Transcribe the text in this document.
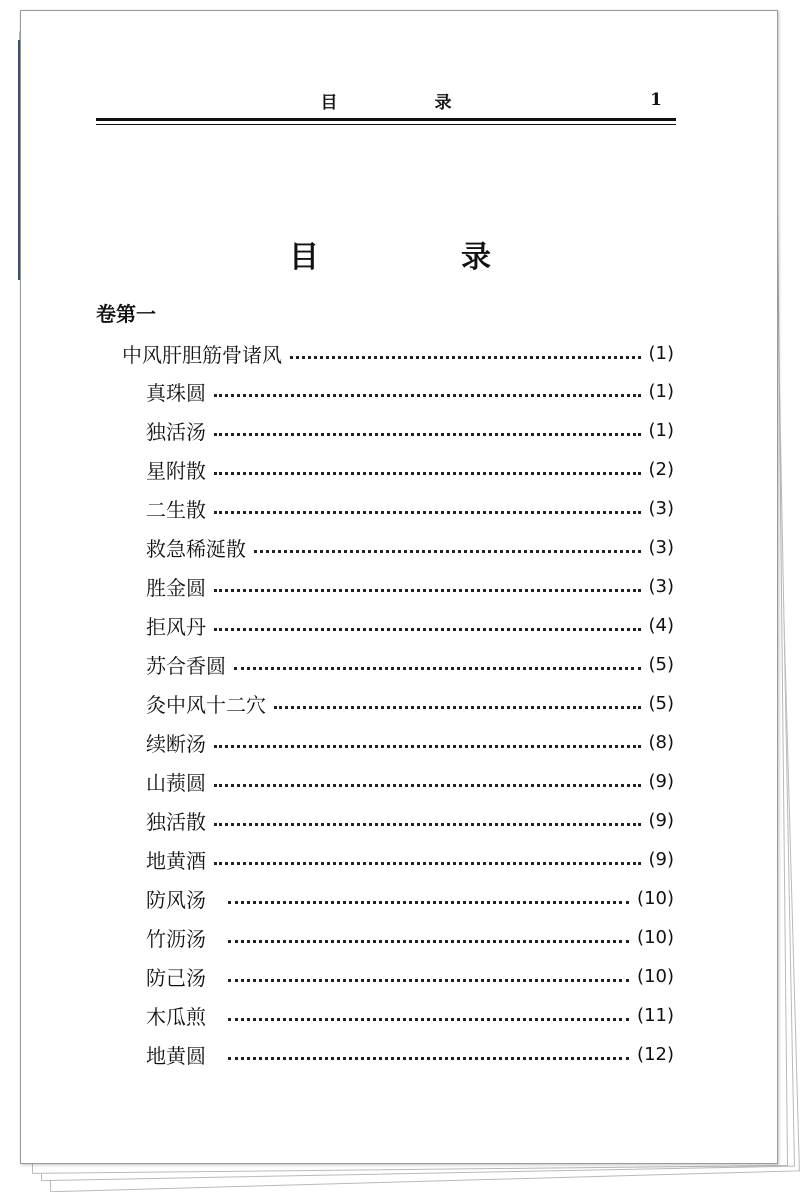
目　录	1
目　录
卷第一
中风肝胆筋骨诸风	(1)
真珠圆	(1)
独活汤	(1)
星附散	(2)
二生散	(3)
救急稀涎散	(3)
胜金圆	(3)
拒风丹	(4)
苏合香圆	(5)
灸中风十二穴	(5)
续断汤	(8)
山蓣圆	(9)
独活散	(9)
地黄酒	(9)
防风汤	(10)
竹沥汤	(10)
防己汤	(10)
木瓜煎	(11)
地黄圆	(12)
